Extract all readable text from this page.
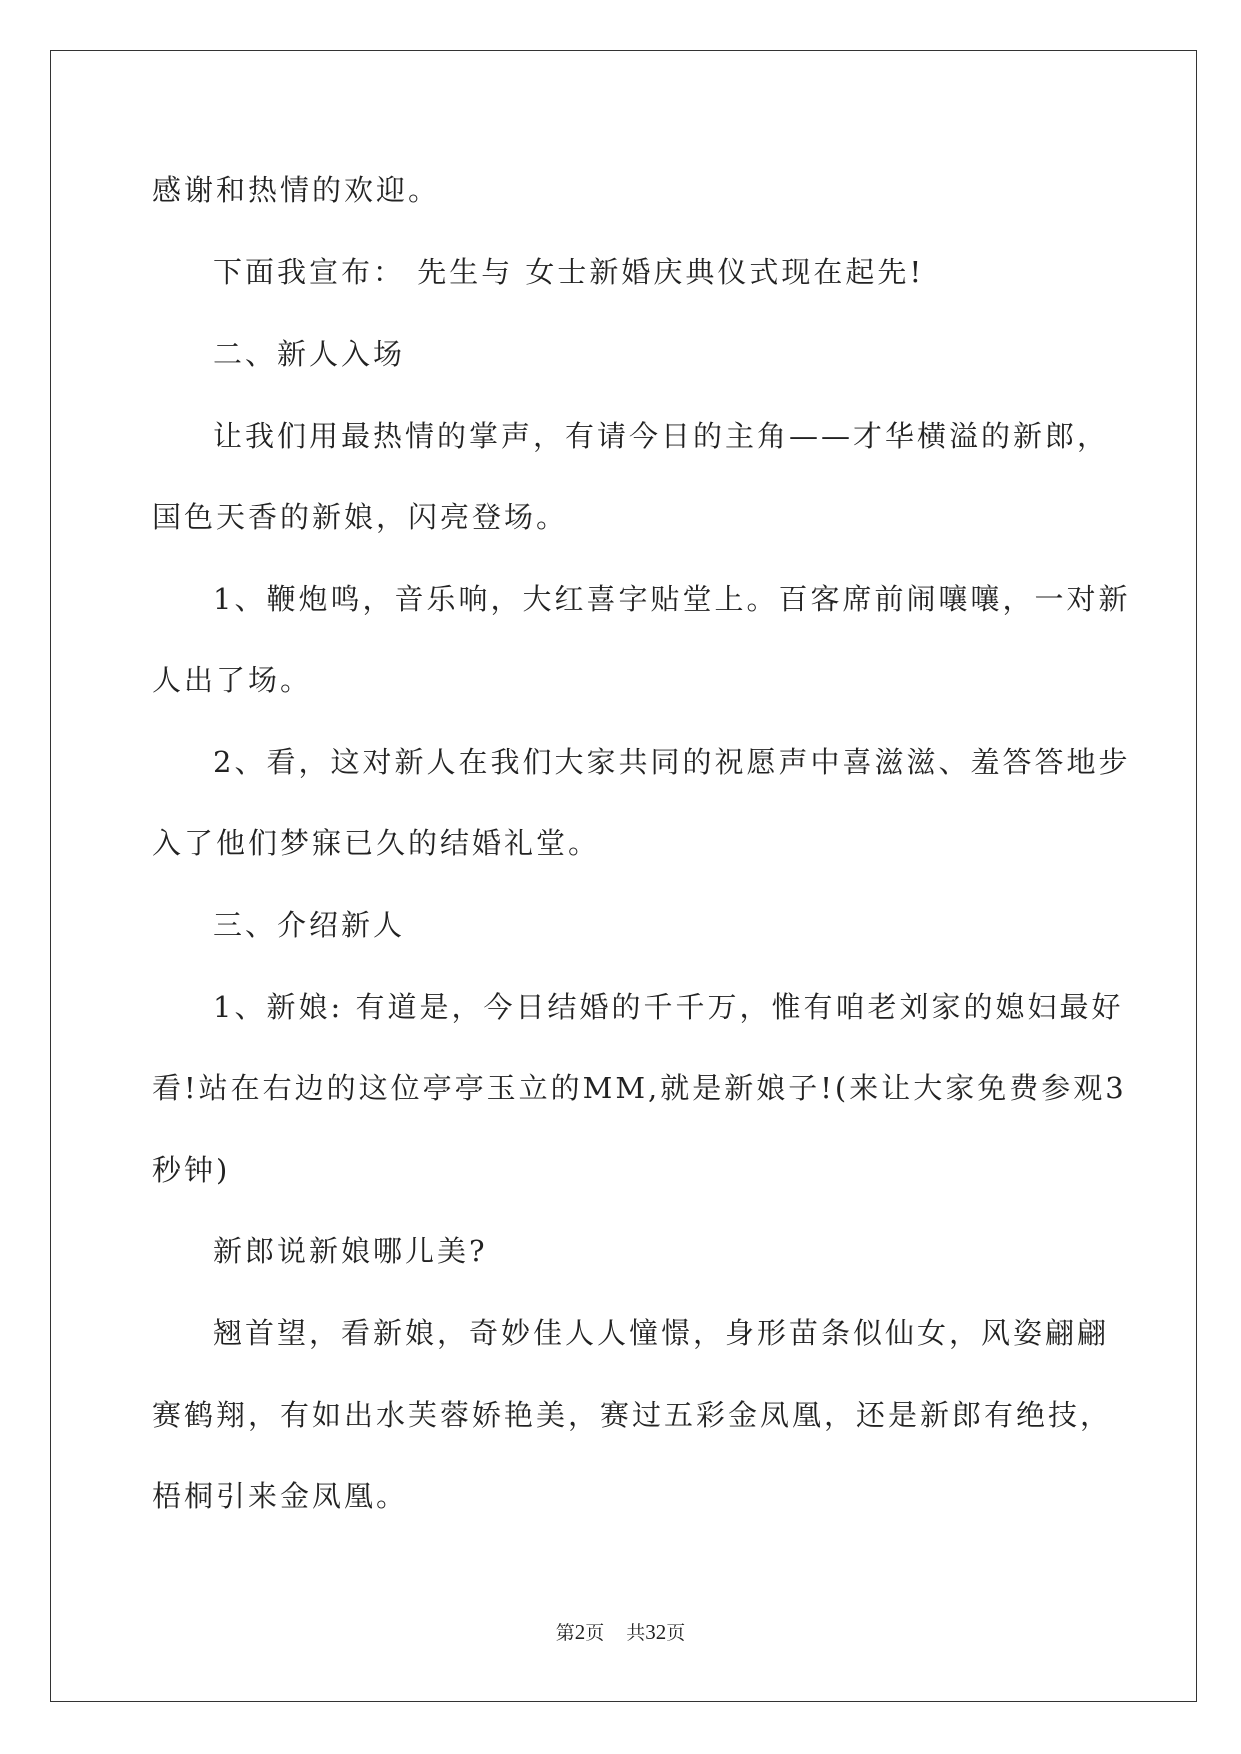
感谢和热情的欢迎。
下面我宣布： 先生与 女士新婚庆典仪式现在起先!
二、新人入场
让我们用最热情的掌声，有请今日的主角——才华横溢的新郎，
国色天香的新娘，闪亮登场。
1、鞭炮鸣，音乐响，大红喜字贴堂上。百客席前闹嚷嚷，一对新
人出了场。
2、看，这对新人在我们大家共同的祝愿声中喜滋滋、羞答答地步
入了他们梦寐已久的结婚礼堂。
三、介绍新人
1、新娘: 有道是，今日结婚的千千万，惟有咱老刘家的媳妇最好
看!站在右边的这位亭亭玉立的MM,就是新娘子!(来让大家免费参观3
秒钟)
新郎说新娘哪儿美?
翘首望，看新娘，奇妙佳人人憧憬，身形苗条似仙女，风姿翩翩
赛鹤翔，有如出水芙蓉娇艳美，赛过五彩金凤凰，还是新郎有绝技，
梧桐引来金凤凰。
第2页 共32页
